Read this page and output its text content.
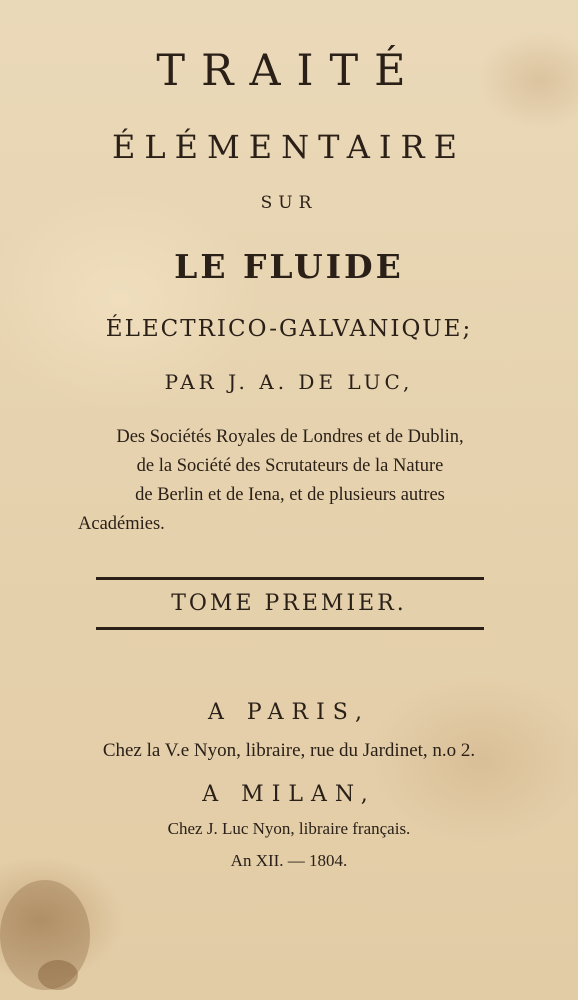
TRAITÉ
ÉLÉMENTAIRE
SUR
LE FLUIDE
ÉLECTRICO-GALVANIQUE;
PAR J. A. DE LUC,
Des Sociétés Royales de Londres et de Dublin,
de la Société des Scrutateurs de la Nature
de Berlin et de Iena, et de plusieurs autres
Académies.
TOME PREMIER.
A PARIS,
Chez la V.e Nyon, libraire, rue du Jardinet, n.o 2.
A MILAN,
Chez J. Luc Nyon, libraire français.
An XII. — 1804.
